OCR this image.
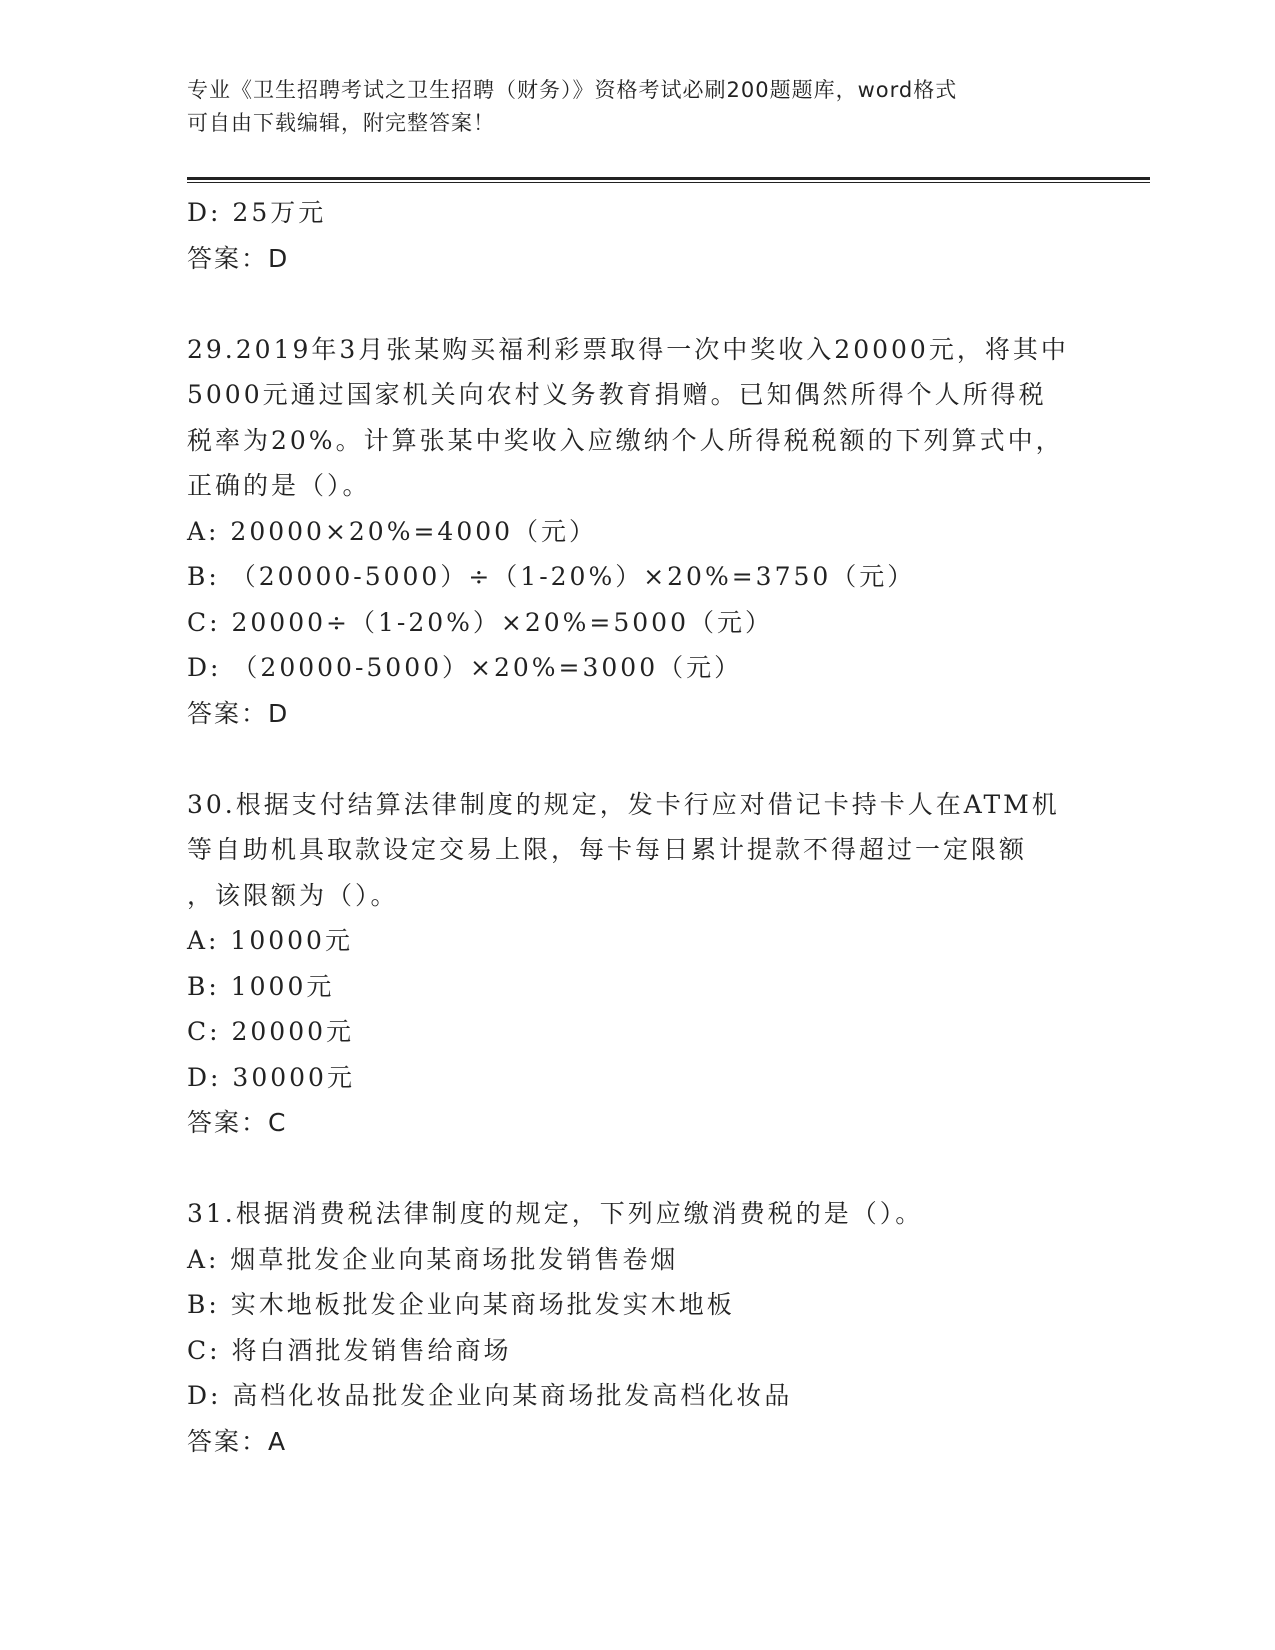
专业《卫生招聘考试之卫生招聘（财务）》资格考试必刷200题题库，word格式
可自由下载编辑，附完整答案！
D: 25万元
答案：D
29.2019年3月张某购买福利彩票取得一次中奖收入20000元，将其中
5000元通过国家机关向农村义务教育捐赠。已知偶然所得个人所得税
税率为20%。计算张某中奖收入应缴纳个人所得税税额的下列算式中，
正确的是（）。
A: 20000×20%=4000（元）
B: （20000-5000）÷（1-20%）×20%=3750（元）
C: 20000÷（1-20%）×20%=5000（元）
D: （20000-5000）×20%=3000（元）
答案：D
30.根据支付结算法律制度的规定，发卡行应对借记卡持卡人在ATM机
等自助机具取款设定交易上限，每卡每日累计提款不得超过一定限额
，该限额为（）。
A: 10000元
B: 1000元
C: 20000元
D: 30000元
答案：C
31.根据消费税法律制度的规定，下列应缴消费税的是（）。
A: 烟草批发企业向某商场批发销售卷烟
B: 实木地板批发企业向某商场批发实木地板
C: 将白酒批发销售给商场
D: 高档化妆品批发企业向某商场批发高档化妆品
答案：A
